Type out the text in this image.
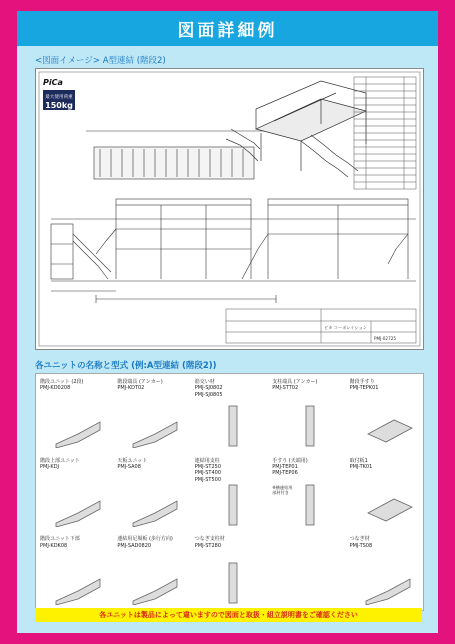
図面詳細例
<図面イメージ> A型連結 (階段2)
PiCa
最大使用荷重
150kg
ピカ コーポレイション
PMJ-02725
各ユニットの名称と型式 (例:A型連結 (階段2))
階段ユニット (2段)
PMJ-KD0208
階段端具 (アンカー)
PMJ-KDT02
筋交い材
PMJ-SJ0802
PMJ-SJ0805
支柱端具 (アンカー)
PMJ-STT02
階段手すり
PMJ-TEPK01
階段上部ユニット
PMJ-KDJ
天板ユニット
PMJ-SA08
連結用支柱
PMJ-ST250
PMJ-ST400
PMJ-ST500
手すり (天端用)
PMJ-TEP01
PMJ-TEP06
※横連結用
部材付き
取付板1
PMJ-TK01
階段ユニット下部
PMJ-KDK08
連結用足場板 (歩行方向)
PMJ-SAD0820
つなぎ支柱材
PMJ-ST280
つなぎ材
PMJ-TS08
各ユニットは製品によって違いますので図面と取扱・組立説明書をご確認ください
